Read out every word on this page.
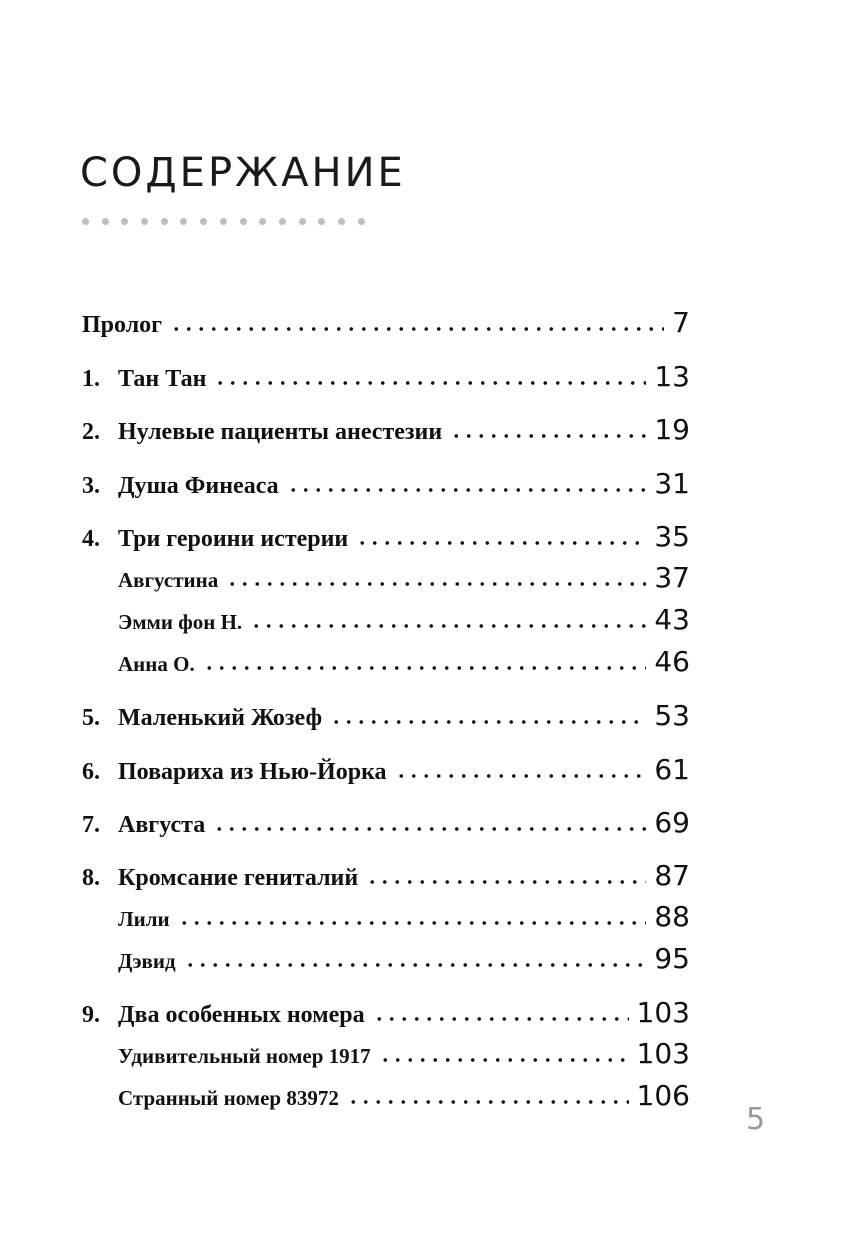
СОДЕРЖАНИЕ
Пролог	7
1. Тан Тан	13
2. Нулевые пациенты анестезии	19
3. Душа Финеаса	31
4. Три героини истерии	35
Августина	37
Эмми фон Н.	43
Анна О.	46
5. Маленький Жозеф	53
6. Повариха из Нью-Йорка	61
7. Августа	69
8. Кромсание гениталий	87
Лили	88
Дэвид	95
9. Два особенных номера	103
Удивительный номер 1917	103
Странный номер 83972	106
5
